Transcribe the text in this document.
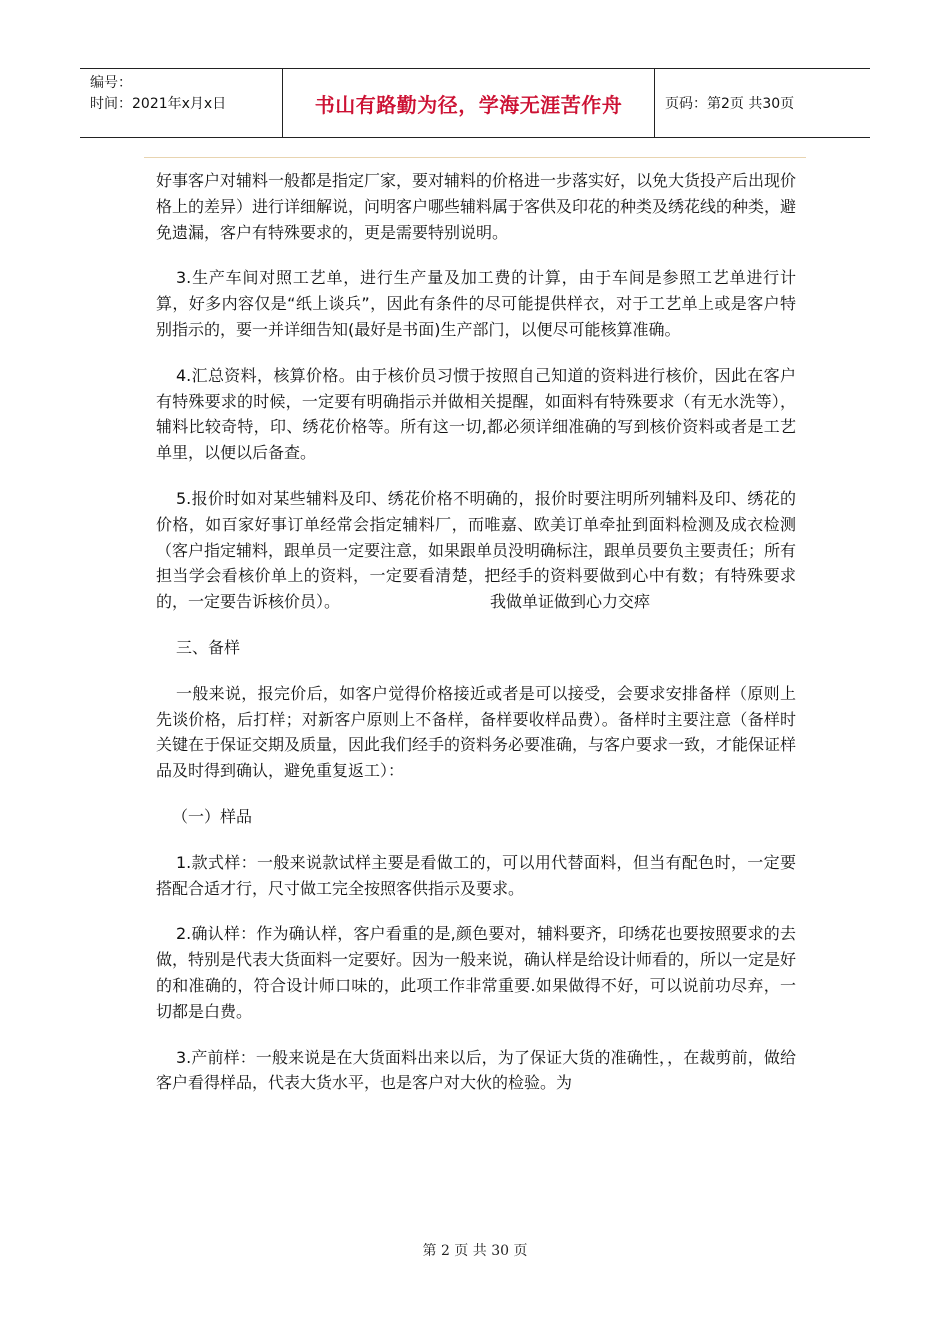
编号：
时间：2021年x月x日	书山有路勤为径，学海无涯苦作舟	页码：第2页 共30页

好事客户对辅料一般都是指定厂家，要对辅料的价格进一步落实好，以免大货投产后出现价格上的差异）进行详细解说，问明客户哪些辅料属于客供及印花的种类及绣花线的种类，避免遗漏，客户有特殊要求的，更是需要特别说明。

3.生产车间对照工艺单，进行生产量及加工费的计算，由于车间是参照工艺单进行计算，好多内容仅是“纸上谈兵”，因此有条件的尽可能提供样衣，对于工艺单上或是客户特别指示的，要一并详细告知(最好是书面)生产部门，以便尽可能核算准确。

4.汇总资料，核算价格。由于核价员习惯于按照自己知道的资料进行核价，因此在客户有特殊要求的时候，一定要有明确指示并做相关提醒，如面料有特殊要求（有无水洗等），辅料比较奇特，印、绣花价格等。所有这一切,都必须详细准确的写到核价资料或者是工艺单里，以便以后备查。

5.报价时如对某些辅料及印、绣花价格不明确的，报价时要注明所列辅料及印、绣花的价格，如百家好事订单经常会指定辅料厂，而唯嘉、欧美订单牵扯到面料检测及成衣检测（客户指定辅料，跟单员一定要注意，如果跟单员没明确标注，跟单员要负主要责任；所有担当学会看核价单上的资料，一定要看清楚，把经手的资料要做到心中有数；有特殊要求的，一定要告诉核价员）。	我做单证做到心力交瘁

三、备样

一般来说，报完价后，如客户觉得价格接近或者是可以接受，会要求安排备样（原则上先谈价格，后打样；对新客户原则上不备样，备样要收样品费）。备样时主要注意（备样时关键在于保证交期及质量，因此我们经手的资料务必要准确，与客户要求一致，才能保证样品及时得到确认，避免重复返工）：

（一）样品

1.款式样：一般来说款试样主要是看做工的，可以用代替面料，但当有配色时，一定要搭配合适才行，尺寸做工完全按照客供指示及要求。

2.确认样：作为确认样，客户看重的是,颜色要对，辅料要齐，印绣花也要按照要求的去做，特别是代表大货面料一定要好。因为一般来说，确认样是给设计师看的，所以一定是好的和准确的，符合设计师口味的，此项工作非常重要.如果做得不好，可以说前功尽弃，一切都是白费。

3.产前样：一般来说是在大货面料出来以后，为了保证大货的准确性，，在裁剪前，做给客户看得样品，代表大货水平，也是客户对大伙的检验。为

第 2 页 共 30 页
